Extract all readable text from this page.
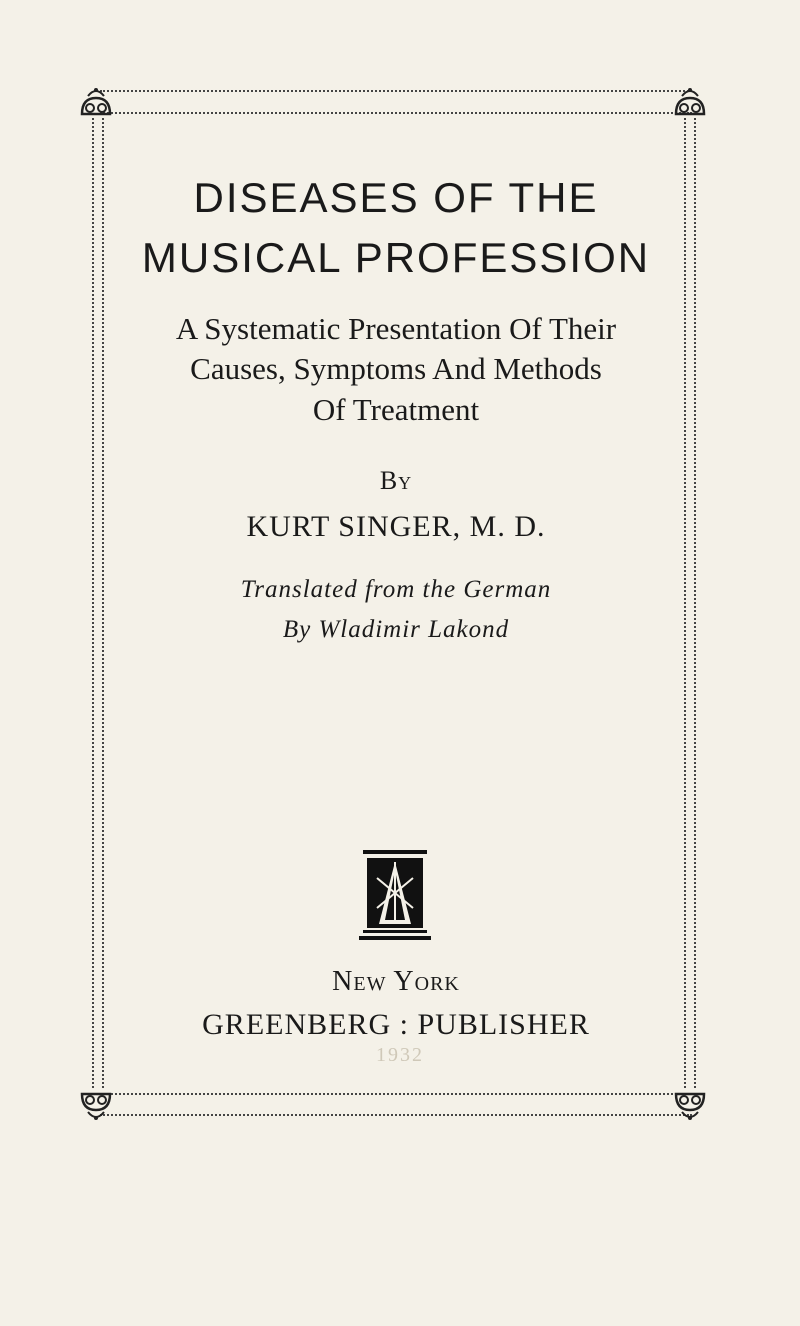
DISEASES OF THE
MUSICAL PROFESSION
A Systematic Presentation Of Their
Causes, Symptoms And Methods
Of Treatment
By
KURT SINGER, M. D.
Translated from the German
By Wladimir Lakond
New York
GREENBERG : PUBLISHER
1932
